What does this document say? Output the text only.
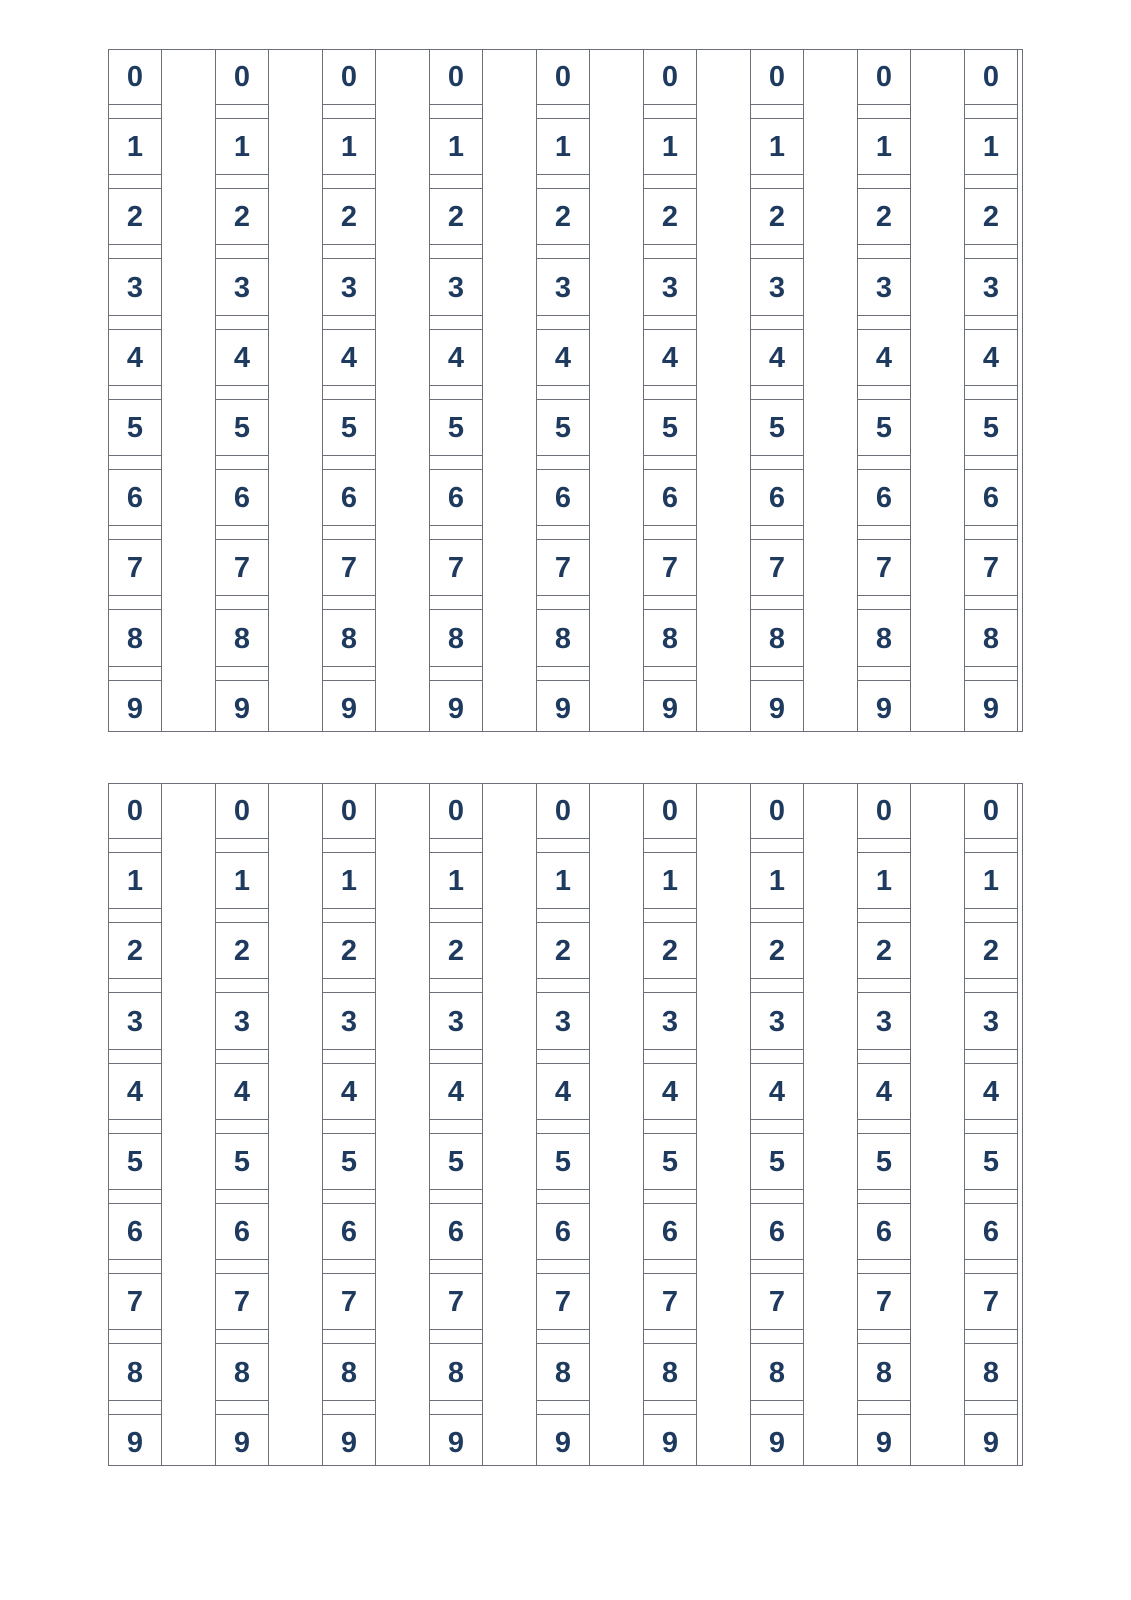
0
1
2
3
4
5
6
7
8
9
0
1
2
3
4
5
6
7
8
9
0
1
2
3
4
5
6
7
8
9
0
1
2
3
4
5
6
7
8
9
0
1
2
3
4
5
6
7
8
9
0
1
2
3
4
5
6
7
8
9
0
1
2
3
4
5
6
7
8
9
0
1
2
3
4
5
6
7
8
9
0
1
2
3
4
5
6
7
8
9
0
1
2
3
4
5
6
7
8
9
0
1
2
3
4
5
6
7
8
9
0
1
2
3
4
5
6
7
8
9
0
1
2
3
4
5
6
7
8
9
0
1
2
3
4
5
6
7
8
9
0
1
2
3
4
5
6
7
8
9
0
1
2
3
4
5
6
7
8
9
0
1
2
3
4
5
6
7
8
9
0
1
2
3
4
5
6
7
8
9
